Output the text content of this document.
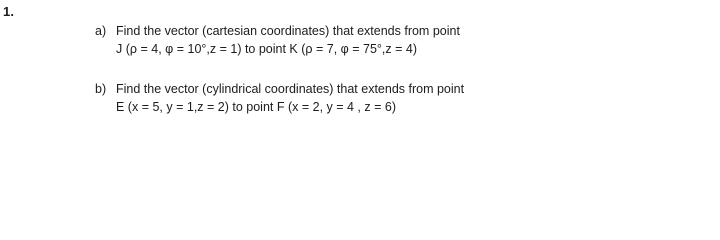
1.
a) Find the vector (cartesian coordinates) that extends from point
J (ρ = 4, φ = 10°,z = 1) to point K (ρ = 7, φ = 75°,z = 4)
b) Find the vector (cylindrical coordinates) that extends from point
E (x = 5, y = 1,z = 2) to point F (x = 2, y = 4 , z = 6)
